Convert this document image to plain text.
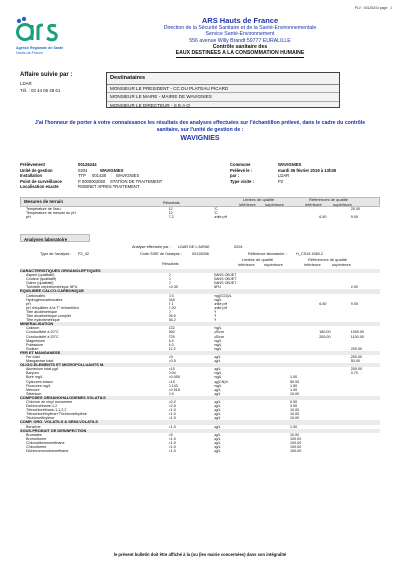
PLV : 00126244 page : 1
Agence Régionale de Santé
Hauts-de-France
ARS Hauts de France
Direction de la Sécurité Sanitaire et de la Santé-Environnementale
Service Santé-Environnement
556 avenue Willy Brandt 59777 EURALILLE
Contrôle sanitaire des
EAUX DESTINEES A LA CONSOMMATION HUMAINE
Affaire suivie par :
LDAR
Tél. : 03 44 06 48 61
Destinataires
MONSIEUR LE PRESIDENT - CC DU PLATEAU PICARD
MONSIEUR LE MAIRE - MAIRIE DE WAVIGNIES
MONSIEUR LE DIRECTEUR - S E A O
J'ai l'honneur de porter à votre connaissance les résultats des analyses effectuées sur l'échantillon prélevé, dans le cadre du contrôle sanitaire, sur l'unité de gestion de :
WAVIGNIES
Prélèvement	00126244	Commune	WAVIGNIES
Unité de gestion	0204	WAVIGNIES	Prélevé le :	mardi 05 février 2019 à 13h35
Installation	TTP 001438 WAVIGNIES	par :	LDAR
Point de surveillance	P 0000002050 STATION DE TRAITEMENT	Type visite :	P2
Localisation exacte	ROBINET APRES TRAITEMENT
Mesures de terrain	Résultats
Limites de qualité
inférieure supérieure
Références de qualité
inférieure	supérieure
Température de l'eau	12	°C				25.00
Température de mesure du pH	12	°C				
pH	7.2	unité pH			6.50	9.00
Analyses laboratoire
Analyse effectuée par : LDAR DE L'AISNE	0204
Type de l'analyse : P2_42	Code SISE de l'analyse :	00126396	Référence laboratoire : H_CS19.1580.2
Résultats
Limites de qualité
inférieure supérieure
Références de qualité
inférieure	supérieure
CARACTERISTIQUES ORGANOLEPTIQUES						
Aspect (qualitatif)	0	SANS OBJET				
Couleur (qualitatif)	0	SANS OBJET				
Odeur (qualitatif)	0	SANS OBJET				
Turbidité néphélométrique NFU	<0.30	NFU				2.00
EQUILIBRE CALCO-CARBONIQUE						
Carbonates	0.0	mg(CO3)/L				
Hydrogénocarbonates	348	mg/L				
pH	7.1	unité pH			6.50	9.00
pH d'équilibre à la T° échantillon	7.20	unité pH				
Titre alcalimétrique	0	°f				
Titre alcalimétrique complet	28.5	°f				
Titre hydrotimétrique	36.2	°f				
MINERALISATION						
Calcium	132	mg/L				
Conductivité à 20°C	650	µS/cm			180.00	1000.00
Conductivité à 25°C	725	µS/cm			200.00	1100.00
Magnésium	6.4	mg/L				
Potassium	4.0	mg/L				
Sodium	12.2	mg/L				200.00
FER ET MANGANESE						
Fer total	<5	µg/L				200.00
Manganèse total	<0.5	µg/L				50.00
OLIGO-ELEMENTS ET MICROPOLLUANTS M.						
Aluminium total µg/l	<10	µg/L				200.00
Baryum	0.04	mg/L				0.70
Bore mg/L	<0.050	mg/L		1.00		
Cyanures totaux	<10	µg(CN)/L		50.00		
Fluorures mg/L	0.143	mg/L		1.50		
Mercure	<0.015	µg/L		1.00		
Sélénium	0.9	µg/L		10.00		
COMPOSES ORGANOHALOGENES VOLATILS						
Chlorure de vinyl monomère	<0.2	µg/L		0.50		
Dichloroéthane-1,2	<2.5	µg/L		3.00		
Tétrachloréthane-1,1,2,2	<1.0	µg/L		10.00		
Tétrachloréthylène+Trichloroéthylène	<1.0	µg/L		10.00		
Trichloroéthylène	<1.0	µg/L		10.00		
COMP. ORG. VOLATILS & SEMI-VOLATILS						
Benzène	<1.0	µg/L		1.00		
SOUS-PRODUIT DE DESINFECTION						
Bromates	<5	µg/L		10.00		
Bromoforme	<1.0	µg/L		100.00		
Chlorodibromométhane	<1.0	µg/L		100.00		
Chloroforme	<1.0	µg/L		100.00		
Dichloromonobrométhane	<1.0	µg/L		100.00		
le présent bulletin doit être affiché à la (ou (les mairie concernées) dans son intégralité
